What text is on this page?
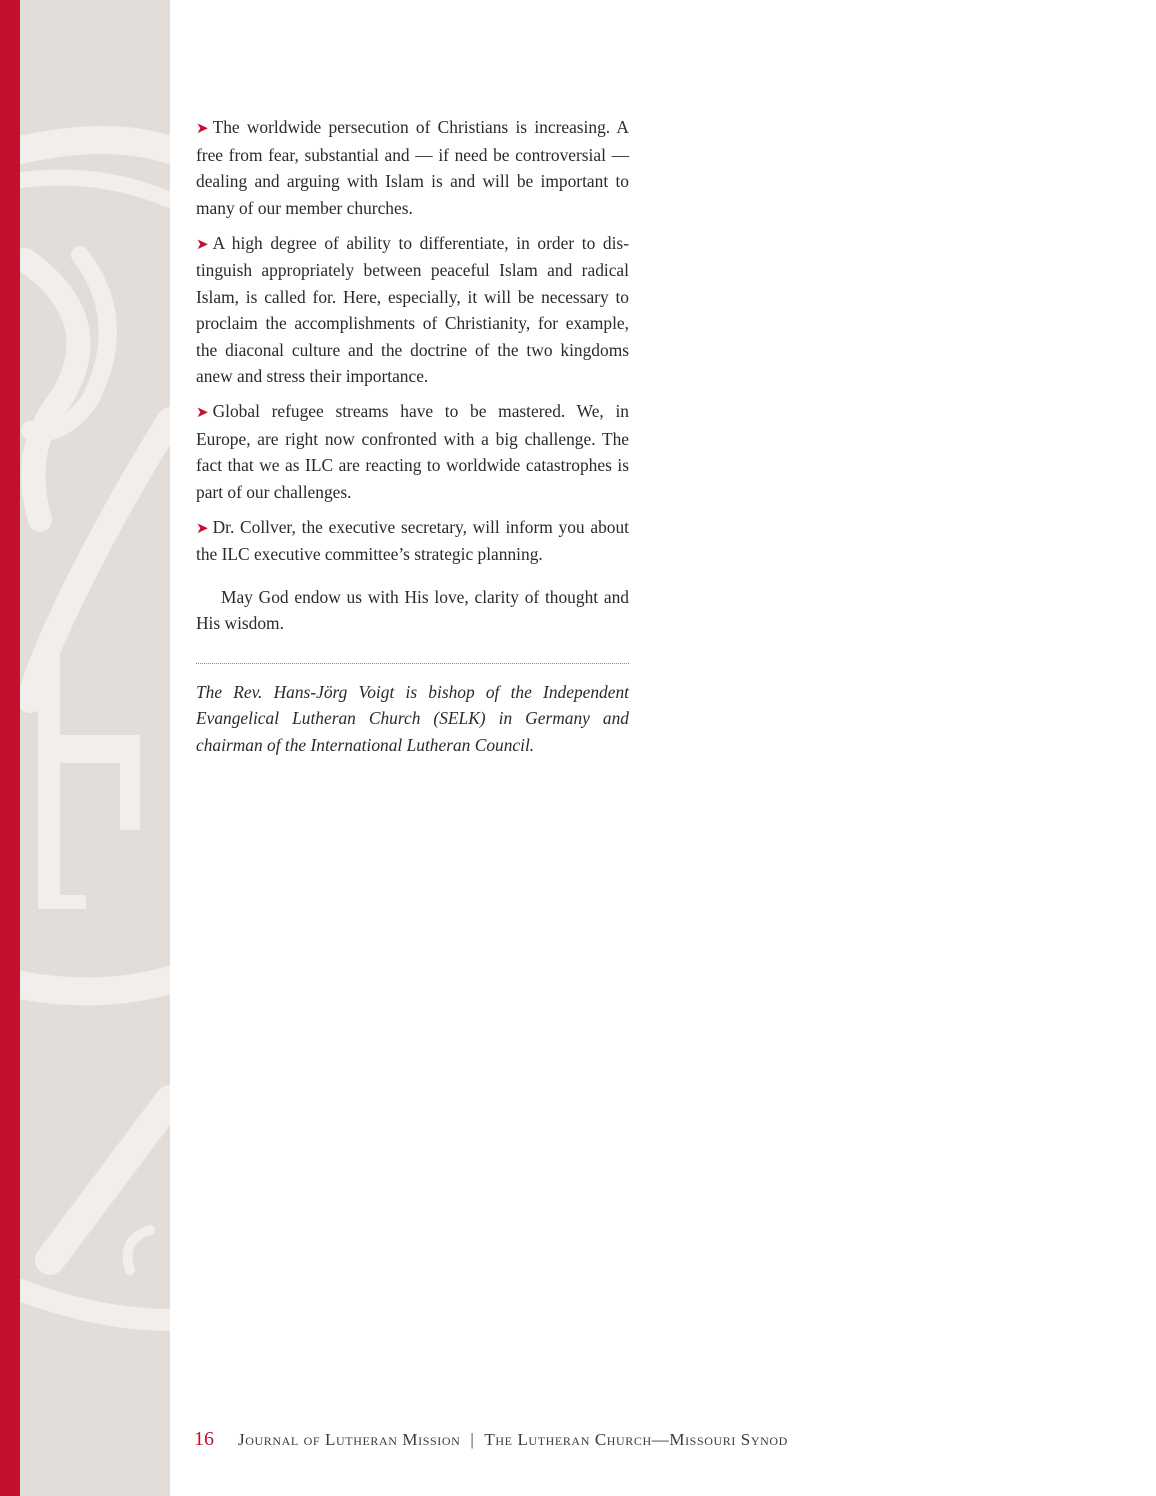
➤ The worldwide persecution of Christians is increasing. A free from fear, substantial and — if need be controversial — dealing and arguing with Islam is and will be important to many of our member churches.

➤ A high degree of ability to differentiate, in order to distinguish appropriately between peaceful Islam and radical Islam, is called for. Here, especially, it will be necessary to proclaim the accomplishments of Christianity, for example, the diaconal culture and the doctrine of the two kingdoms anew and stress their importance.

➤ Global refugee streams have to be mastered. We, in Europe, are right now confronted with a big challenge. The fact that we as ILC are reacting to worldwide catastrophes is part of our challenges.

➤ Dr. Collver, the executive secretary, will inform you about the ILC executive committee’s strategic planning.

May God endow us with His love, clarity of thought and His wisdom.

The Rev. Hans-Jörg Voigt is bishop of the Independent Evangelical Lutheran Church (SELK) in Germany and chairman of the International Lutheran Council.

16 Journal of Lutheran Mission | The Lutheran Church—Missouri Synod
